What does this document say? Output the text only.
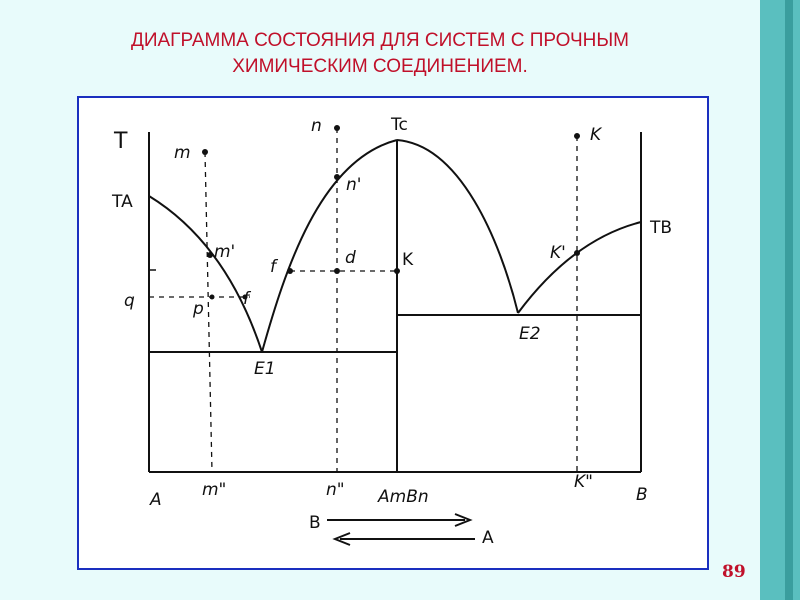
ДИАГРАММА СОСТОЯНИЯ ДЛЯ СИСТЕМ С ПРОЧНЫМ
ХИМИЧЕСКИМ СОЕДИНЕНИЕМ.
T
TA
Tc
TB
m
m'
m"
n
n'
n"
K
K'
K"
f	d	K
q	p f
E1
E2
A	AmBn	B
B
A
89
